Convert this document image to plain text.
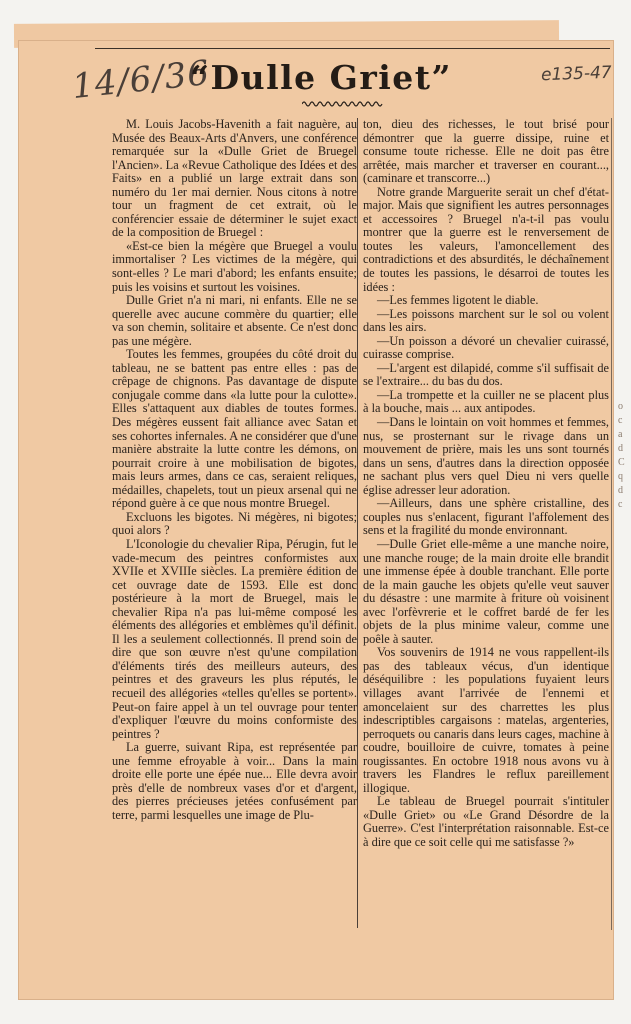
14/6/36
“Dulle Griet”	e135-47

M. Louis Jacobs-Havenith a fait naguère, au Musée des Beaux-Arts d'Anvers, une conférence remarquée sur la «Dulle Griet de Bruegel l'Ancien». La «Revue Catholique des Idées et des Faits» en a publié un large extrait dans son numéro du 1er mai dernier. Nous citons à notre tour un fragment de cet extrait, où le conférencier essaie de déterminer le sujet exact de la composition de Bruegel :

«Est-ce bien la mégère que Bruegel a voulu immortaliser ? Les victimes de la mégère, qui sont-elles ? Le mari d'abord; les enfants ensuite; puis les voisins et surtout les voisines.

Dulle Griet n'a ni mari, ni enfants. Elle ne se querelle avec aucune commère du quartier; elle va son chemin, solitaire et absente. Ce n'est donc pas une mégère.

Toutes les femmes, groupées du côté droit du tableau, ne se battent pas entre elles : pas de crêpage de chignons. Pas davantage de dispute conjugale comme dans «la lutte pour la culotte». Elles s'attaquent aux diables de toutes formes. Des mégères eussent fait alliance avec Satan et ses cohortes infernales. A ne considérer que d'une manière abstraite la lutte contre les démons, on pourrait croire à une mobilisation de bigotes, mais leurs armes, dans ce cas, seraient reliques, médailles, chapelets, tout un pieux arsenal qui ne répond guère à ce que nous montre Bruegel.

Excluons les bigotes. Ni mégères, ni bigotes; quoi alors ?

L'Iconologie du chevalier Ripa, Pérugin, fut le vade-mecum des peintres conformistes aux XVIIe et XVIIIe siècles. La première édition de cet ouvrage date de 1593. Elle est donc postérieure à la mort de Bruegel, mais le chevalier Ripa n'a pas lui-même composé les éléments des allégories et emblèmes qu'il définit. Il les a seulement collectionnés. Il prend soin de dire que son œuvre n'est qu'une compilation d'éléments tirés des meilleurs auteurs, des peintres et des graveurs les plus réputés, le recueil des allégories «telles qu'elles se portent». Peut-on faire appel à un tel ouvrage pour tenter d'expliquer l'œuvre du moins conformiste des peintres ?

La guerre, suivant Ripa, est représentée par une femme efroyable à voir... Dans la main droite elle porte une épée nue... Elle devra avoir près d'elle de nombreux vases d'or et d'argent, des pierres précieuses jetées confusément par terre, parmi lesquelles une image de Plu-

ton, dieu des richesses, le tout brisé pour démontrer que la guerre dissipe, ruine et consume toute richesse. Elle ne doit pas être arrêtée, mais marcher et traverser en courant..., (caminare et transcorre...)

Notre grande Marguerite serait un chef d'état-major. Mais que signifient les autres personnages et accessoires ? Bruegel n'a-t-il pas voulu montrer que la guerre est le renversement de toutes les valeurs, l'amoncellement des contradictions et des absurdités, le déchaînement de toutes les passions, le désarroi de toutes les idées :

—Les femmes ligotent le diable.

—Les poissons marchent sur le sol ou volent dans les airs.

—Un poisson a dévoré un chevalier cuirassé, cuirasse comprise.

—L'argent est dilapidé, comme s'il suffisait de se l'extraire... du bas du dos.

—La trompette et la cuiller ne se placent plus à la bouche, mais ... aux antipodes.

—Dans le lointain on voit hommes et femmes, nus, se prosternant sur le rivage dans un mouvement de prière, mais les uns sont tournés dans un sens, d'autres dans la direction opposée ne sachant plus vers quel Dieu ni vers quelle église adresser leur adoration.

—Ailleurs, dans une sphère cristalline, des couples nus s'enlacent, figurant l'affolement des sens et la fragilité du monde environnant.

—Dulle Griet elle-même a une manche noire, une manche rouge; de la main droite elle brandit une immense épée à double tranchant. Elle porte de la main gauche les objets qu'elle veut sauver du désastre : une marmite à friture où voisinent avec l'orfèvrerie et le coffret bardé de fer les objets de la plus minime valeur, comme une poêle à sauter.

Vos souvenirs de 1914 ne vous rappellent-ils pas des tableaux vécus, d'un identique déséquilibre : les populations fuyaient leurs villages avant l'arrivée de l'ennemi et amoncelaient sur des charrettes les plus indescriptibles cargaisons : matelas, argenteries, perroquets ou canaris dans leurs cages, machine à coudre, bouilloire de cuivre, tomates à peine rougissantes. En octobre 1918 nous avons vu à travers les Flandres le reflux pareillement illogique.

Le tableau de Bruegel pourrait s'intituler «Dulle Griet» ou «Le Grand Désordre de la Guerre». C'est l'interprétation raisonnable. Est-ce à dire que ce soit celle qui me satisfasse ?»

o c a d C q d c
